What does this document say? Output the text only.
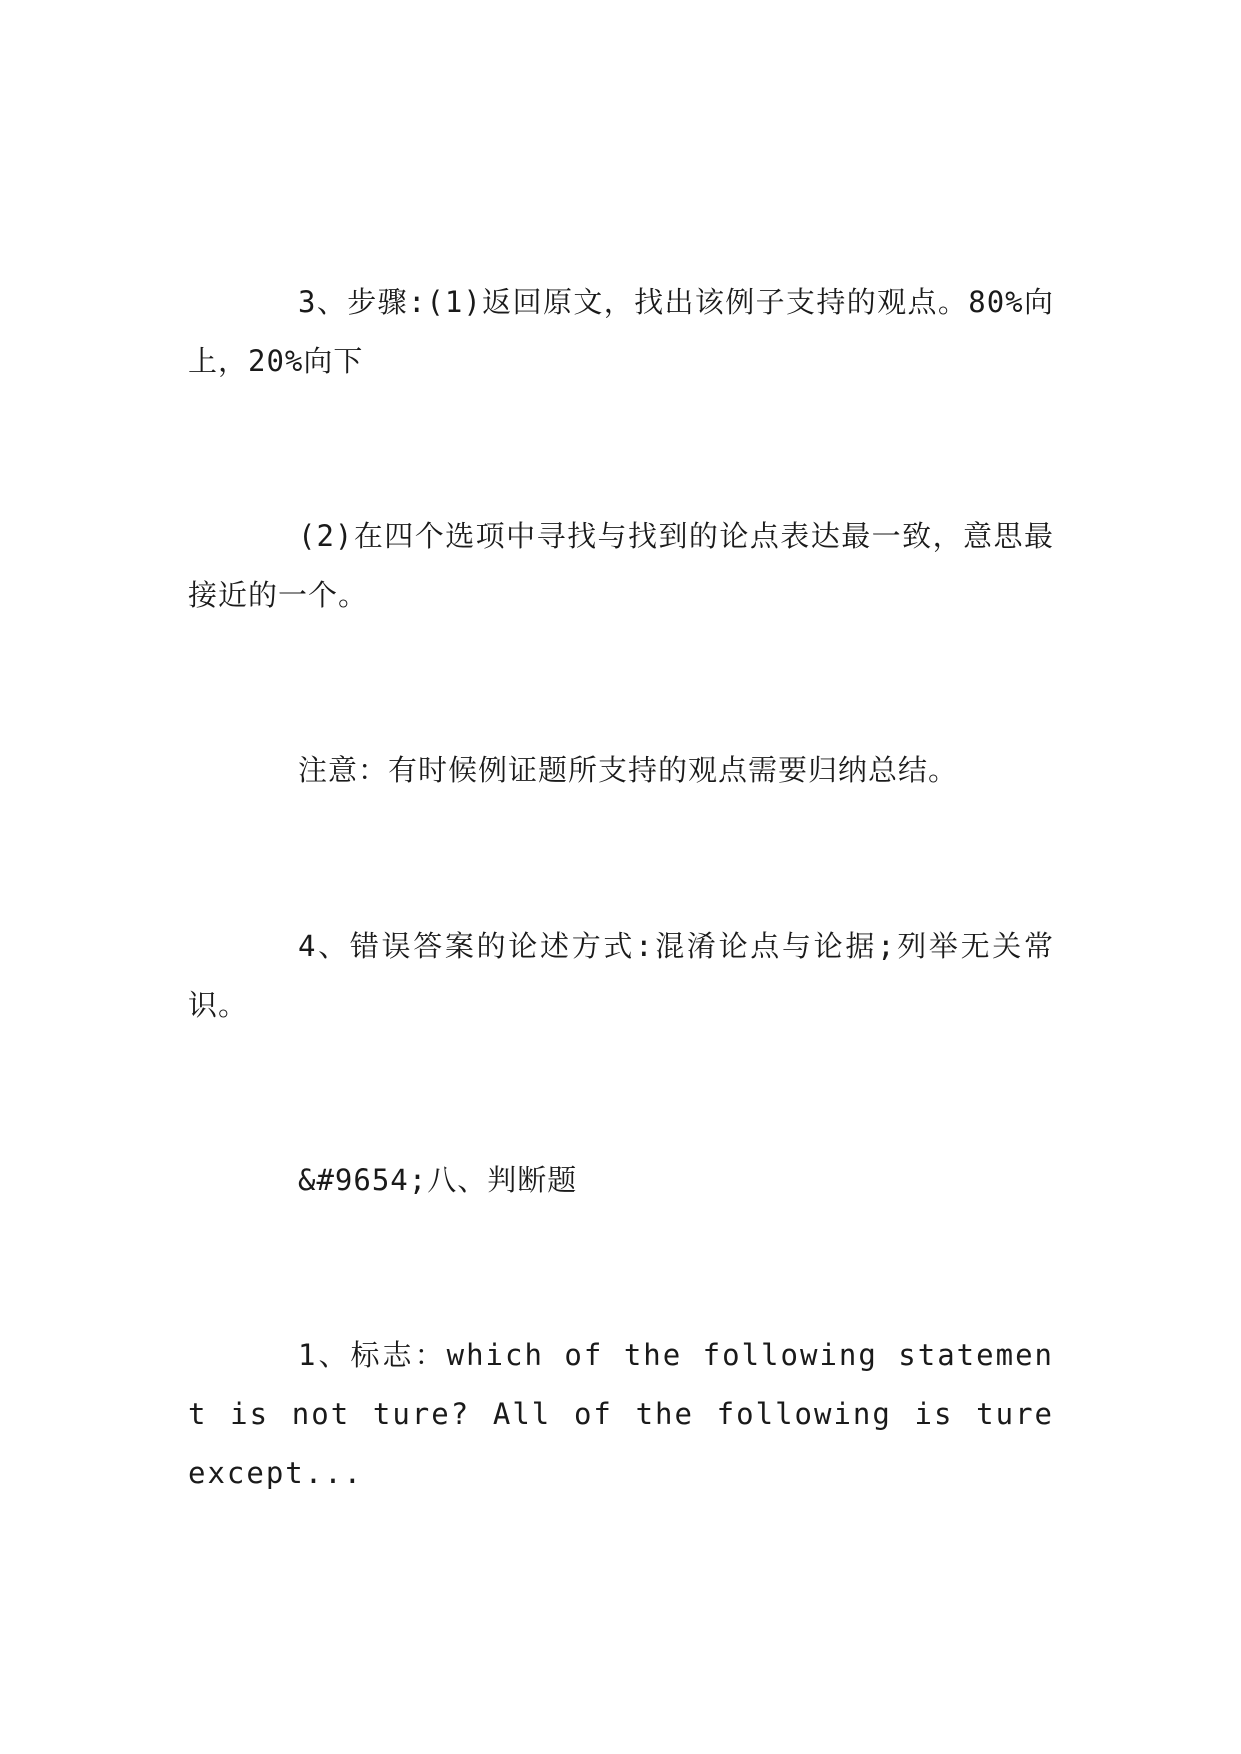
3、步骤:(1)返回原文，找出该例子支持的观点。80%向上，20%向下

(2)在四个选项中寻找与找到的论点表达最一致，意思最接近的一个。

注意：有时候例证题所支持的观点需要归纳总结。

4、错误答案的论述方式:混淆论点与论据;列举无关常识。

&#9654;八、判断题

1、标志：which of the following statement is not ture? All of the following is ture except...
